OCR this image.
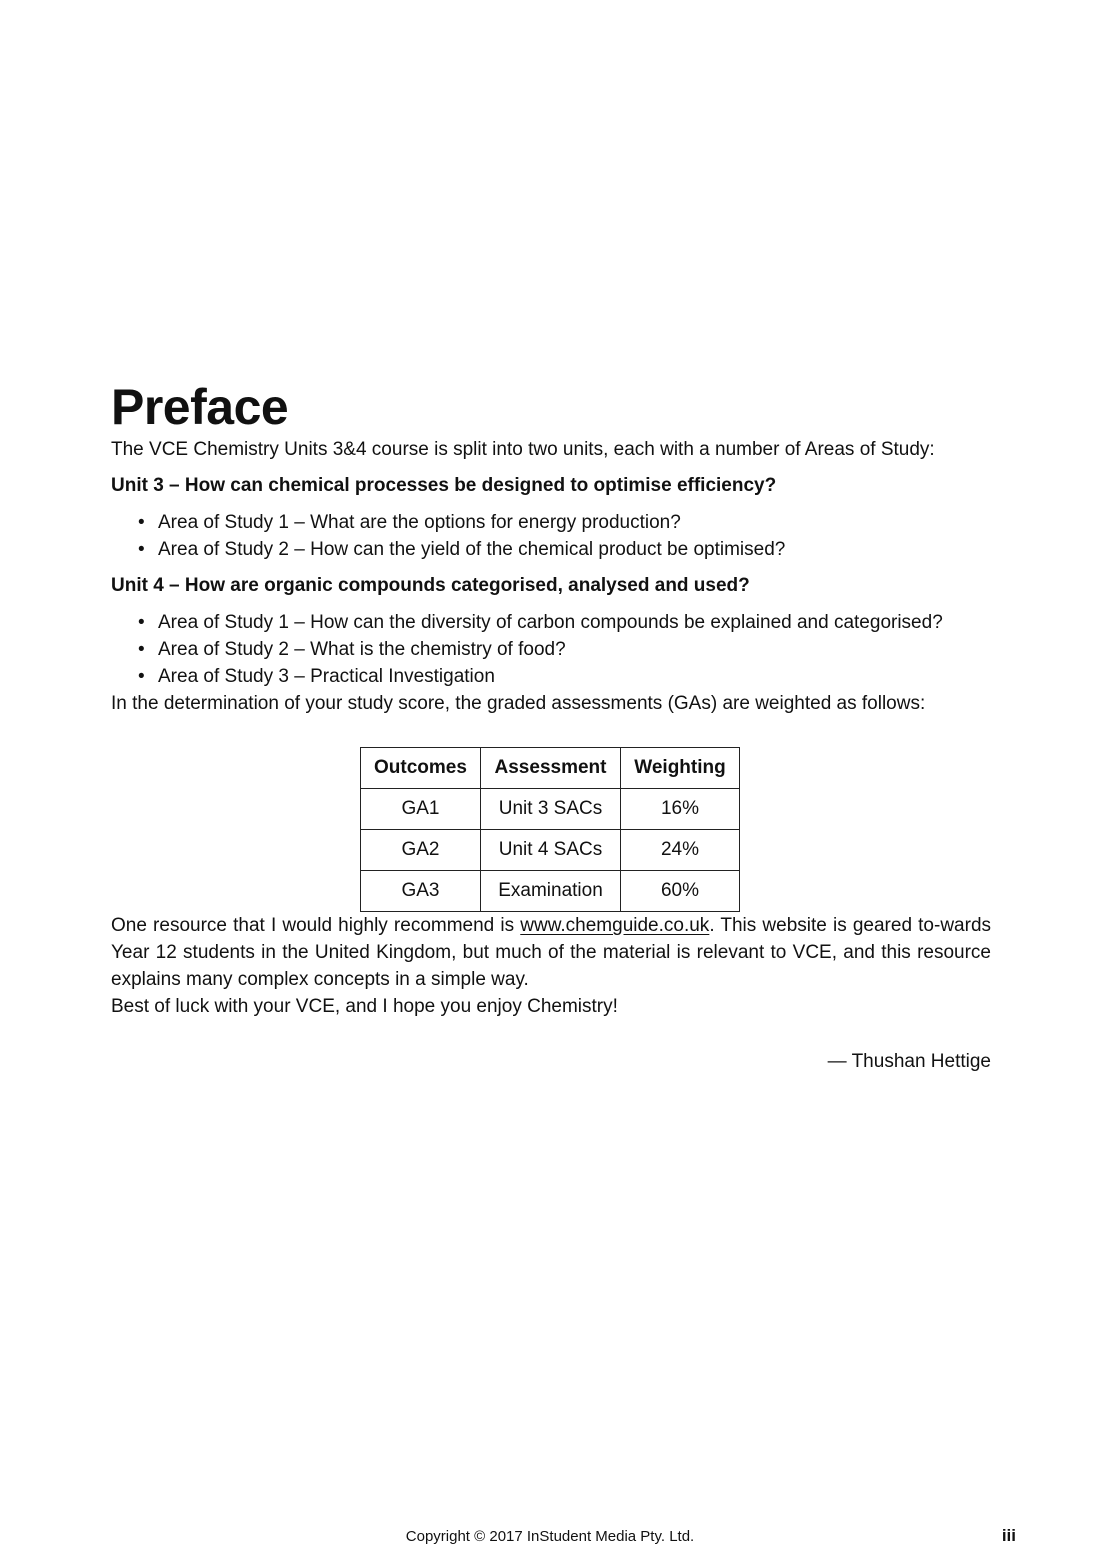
Preface

The VCE Chemistry Units 3&4 course is split into two units, each with a number of Areas of Study:

Unit 3 – How can chemical processes be designed to optimise efficiency?

• Area of Study 1 – What are the options for energy production?
• Area of Study 2 – How can the yield of the chemical product be optimised?

Unit 4 – How are organic compounds categorised, analysed and used?

• Area of Study 1 – How can the diversity of carbon compounds be explained and categorised?
• Area of Study 2 – What is the chemistry of food?
• Area of Study 3 – Practical Investigation

In the determination of your study score, the graded assessments (GAs) are weighted as follows:

Outcomes	Assessment	Weighting
GA1	Unit 3 SACs	16%
GA2	Unit 4 SACs	24%
GA3	Examination	60%

One resource that I would highly recommend is www.chemguide.co.uk. This website is geared to-wards Year 12 students in the United Kingdom, but much of the material is relevant to VCE, and this resource explains many complex concepts in a simple way.

Best of luck with your VCE, and I hope you enjoy Chemistry!

— Thushan Hettige

Copyright © 2017 InStudent Media Pty. Ltd.	iii
